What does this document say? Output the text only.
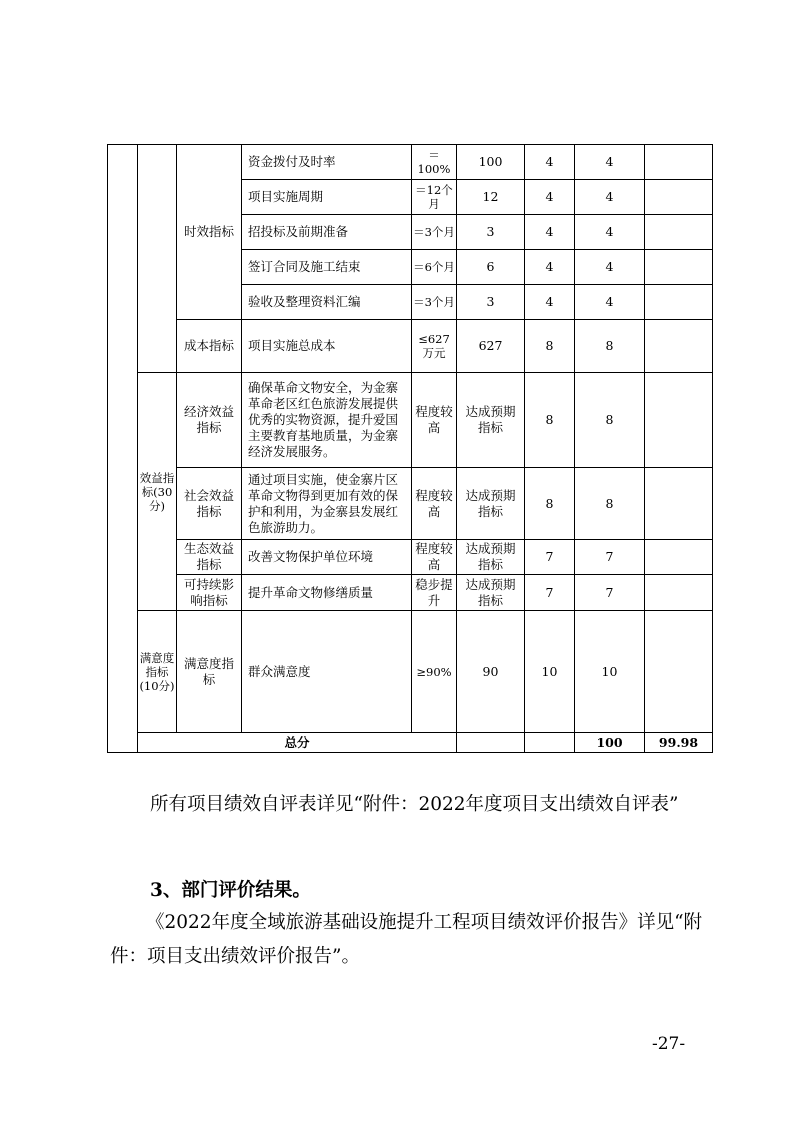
		时效指标	资金拨付及时率	＝100%	100	4	4		
			项目实施周期	＝12个月	12	4	4		
			招投标及前期准备	＝3个月	3	4	4		
			签订合同及施工结束	＝6个月	6	4	4		
			验收及整理资料汇编	＝3个月	3	4	4		
		成本指标	项目实施总成本	≤627万元	627	8	8		
	效益指标(30分)	经济效益指标	确保革命文物安全，为金寨革命老区红色旅游发展提供优秀的实物资源，提升爱国主要教育基地质量，为金寨经济发展服务。	程度较高	达成预期指标	8	8		
		社会效益指标	通过项目实施，使金寨片区革命文物得到更加有效的保护和利用，为金寨县发展红色旅游助力。	程度较高	达成预期指标	8	8		
		生态效益指标	改善文物保护单位环境	程度较高	达成预期指标	7	7		
		可持续影响指标	提升革命文物修缮质量	稳步提升	达成预期指标	7	7		
	满意度指标(10分)	满意度指标	群众满意度	≥90%	90	10	10		
	总分						100	99.98	

所有项目绩效自评表详见“附件：2022年度项目支出绩效自评表”

3、部门评价结果。

《2022年度全域旅游基础设施提升工程项目绩效评价报告》详见“附件：项目支出绩效评价报告”。

-27-
